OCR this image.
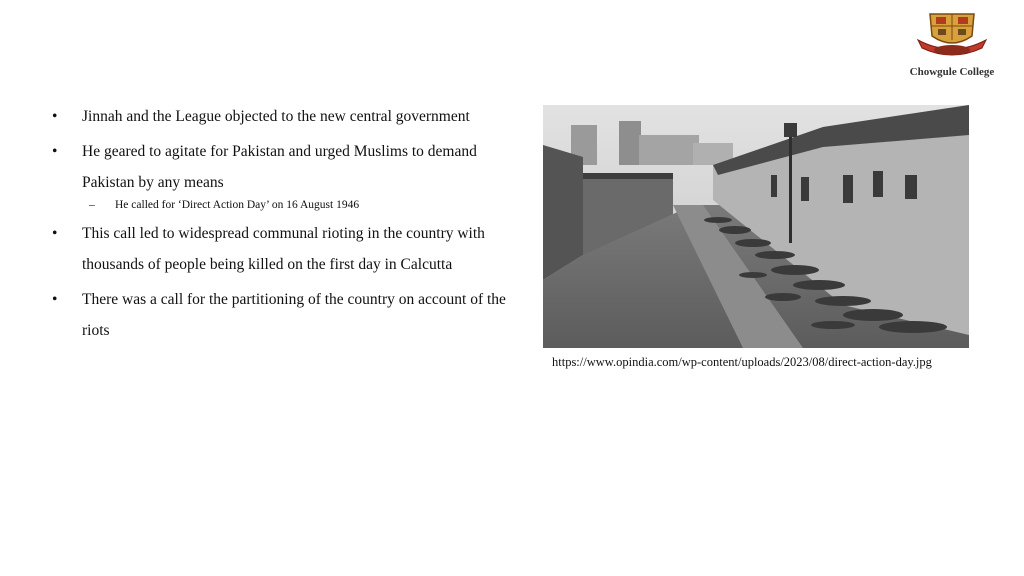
Chowgule College
• Jinnah and the League objected to the new central government
• He geared to agitate for Pakistan and urged Muslims to demand Pakistan by any means
– He called for ‘Direct Action Day’ on 16 August 1946
• This call led to widespread communal rioting in the country with thousands of people being killed on the first day in Calcutta
• There was a call for the partitioning of the country on account of the riots
https://www.opindia.com/wp-content/uploads/2023/08/direct-action-day.jpg
